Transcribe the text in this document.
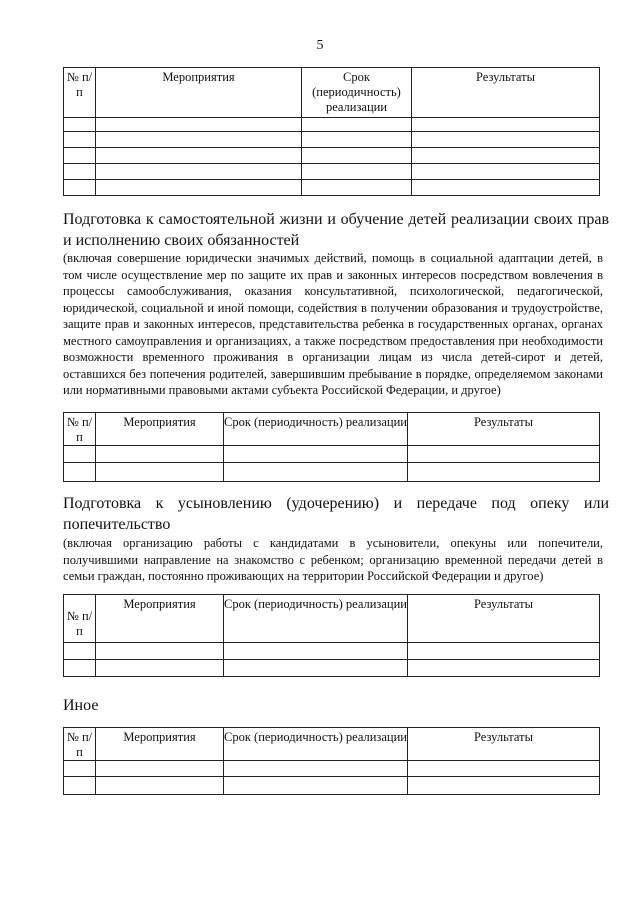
5
№ п/п	Мероприятия	Срок (периодичность) реализации	Результаты

Подготовка к самостоятельной жизни и обучение детей реализации своих прав и исполнению своих обязанностей
(включая совершение юридически значимых действий, помощь в социальной адаптации детей, в том числе осуществление мер по защите их прав и законных интересов посредством вовлечения в процессы самообслуживания, оказания консультативной, психологической, педагогической, юридической, социальной и иной помощи, содействия в получении образования и трудоустройстве, защите прав и законных интересов, представительства ребенка в государственных органах, органах местного самоуправления и организациях, а также посредством предоставления при необходимости возможности временного проживания в организации лицам из числа детей-сирот и детей, оставшихся без попечения родителей, завершившим пребывание в порядке, определяемом законами или нормативными правовыми актами субъекта Российской Федерации, и другое)
№ п/п	Мероприятия	Срок (периодичность) реализации	Результаты

Подготовка к усыновлению (удочерению) и передаче под опеку или попечительство
(включая организацию работы с кандидатами в усыновители, опекуны или попечители, получившими направление на знакомство с ребенком; организацию временной передачи детей в семьи граждан, постоянно проживающих на территории Российской Федерации и другое)
№ п/п	Мероприятия	Срок (периодичность) реализации	Результаты

Иное
№ п/п	Мероприятия	Срок (периодичность) реализации	Результаты
